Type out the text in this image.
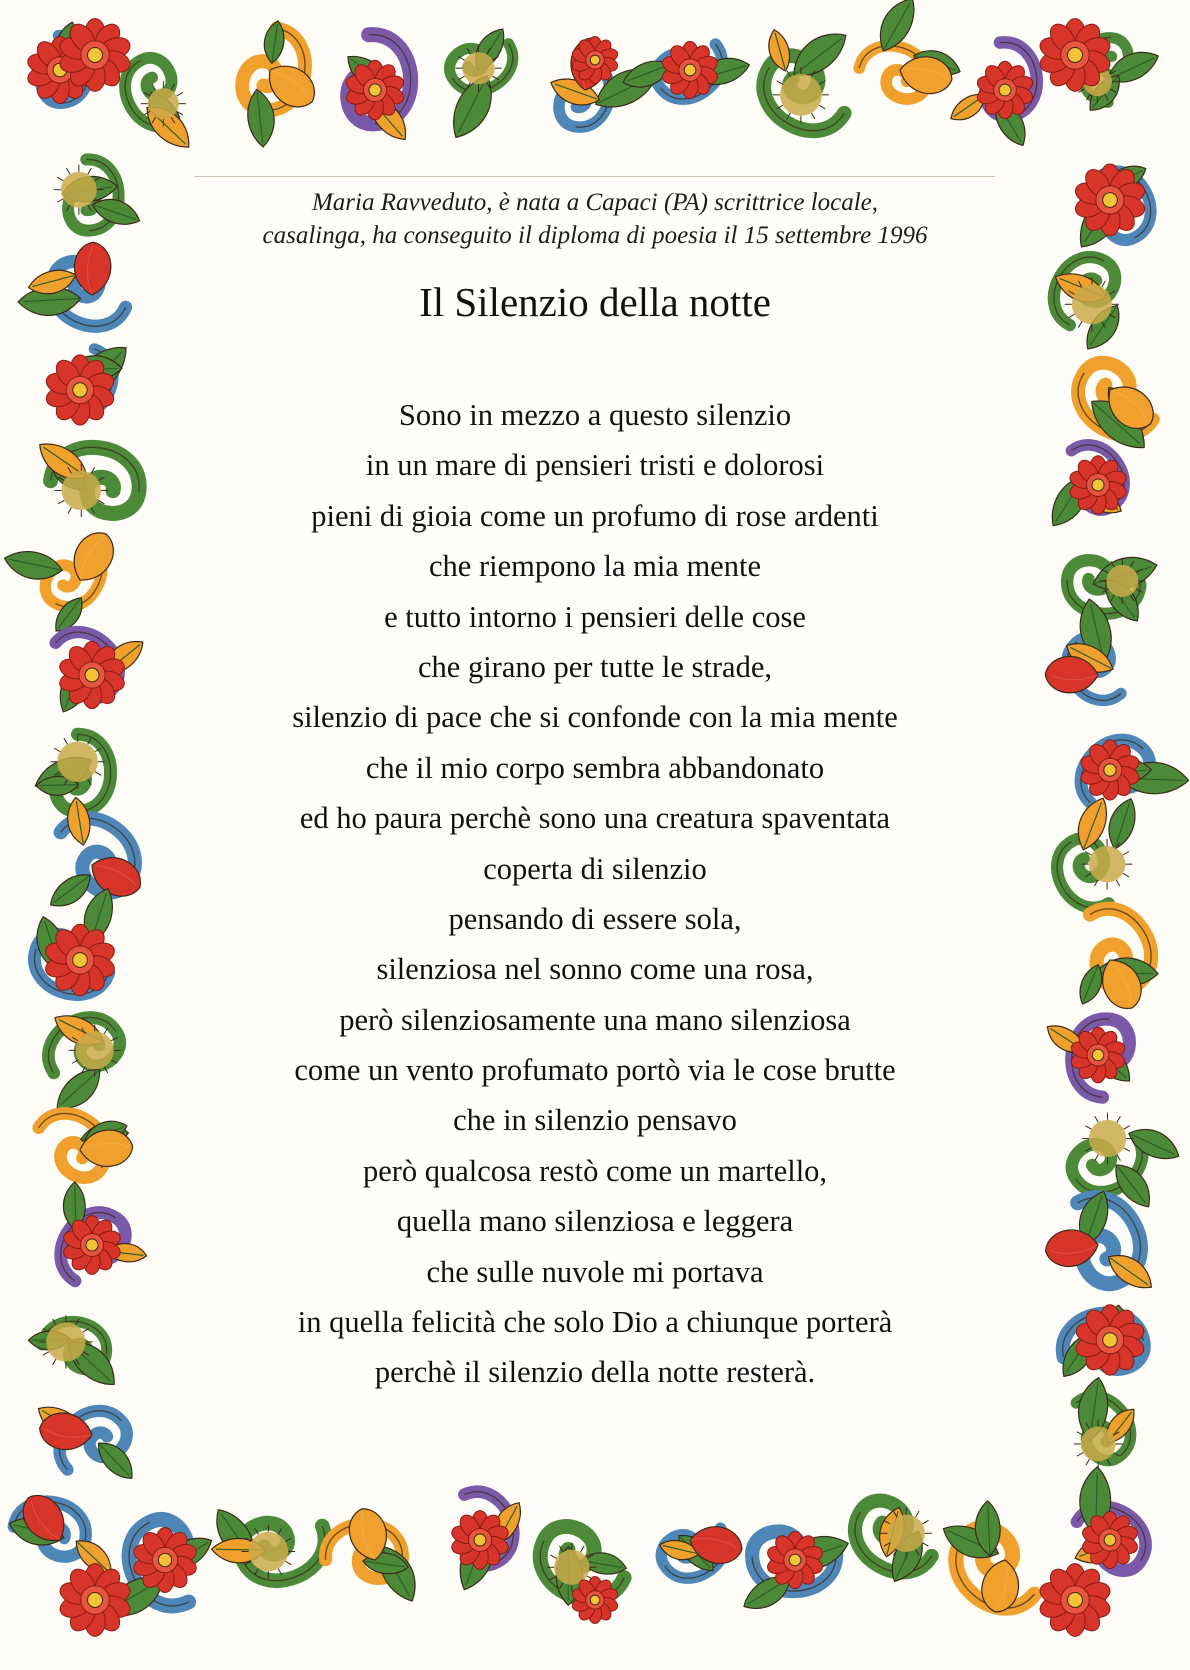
Maria Ravveduto, è nata a Capaci (PA) scrittrice locale,
casalinga, ha conseguito il diploma di poesia il 15 settembre 1996
Il Silenzio della notte
Sono in mezzo a questo silenzio
in un mare di pensieri tristi e dolorosi
pieni di gioia come un profumo di rose ardenti
che riempono la mia mente
e tutto intorno i pensieri delle cose
che girano per tutte le strade,
silenzio di pace che si confonde con la mia mente
che il mio corpo sembra abbandonato
ed ho paura perchè sono una creatura spaventata
coperta di silenzio
pensando di essere sola,
silenziosa nel sonno come una rosa,
però silenziosamente una mano silenziosa
come un vento profumato portò via le cose brutte
che in silenzio pensavo
però qualcosa restò come un martello,
quella mano silenziosa e leggera
che sulle nuvole mi portava
in quella felicità che solo Dio a chiunque porterà
perchè il silenzio della notte resterà.
